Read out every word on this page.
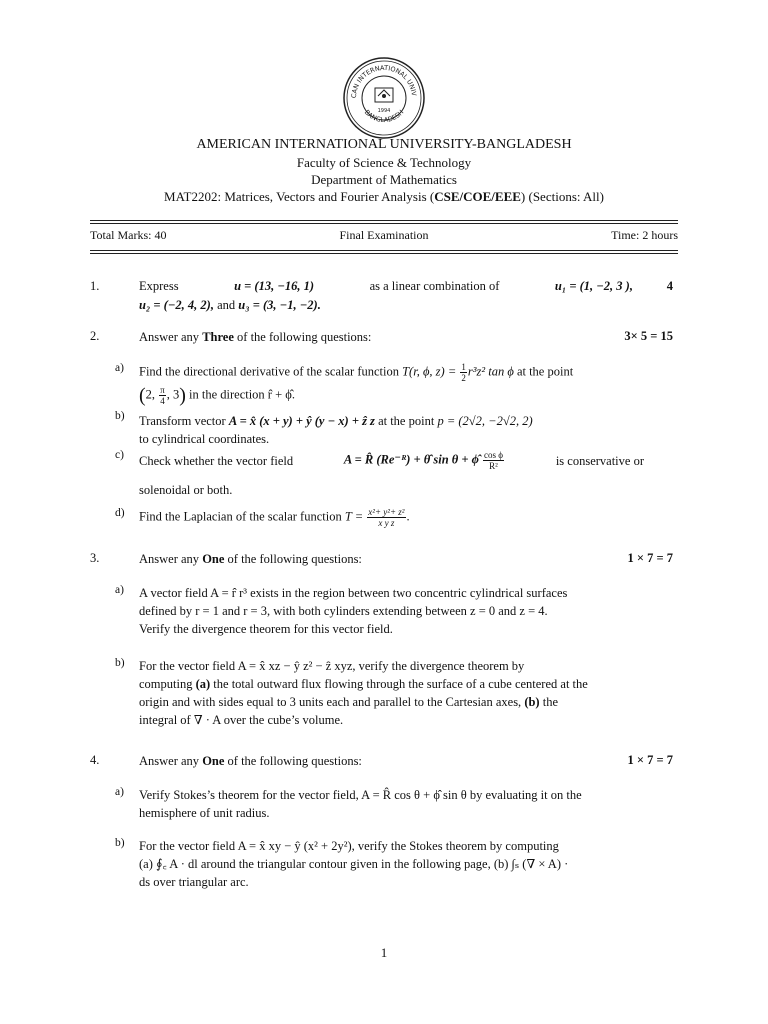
CAN INTERNATIONAL UNIV
BANGLADESH
1994
AMERICAN INTERNATIONAL UNIVERSITY-BANGLADESH
Faculty of Science & Technology
Department of Mathematics
MAT2202: Matrices, Vectors and Fourier Analysis (CSE/COE/EEE) (Sections: All)
Total Marks: 40	Final Examination	Time: 2 hours
1.	Express	u = (13, −16, 1)	as a linear combination of	u₁ = (1, −2, 3 ),
u₂ = (−2, 4, 2), and u₃ = (3, −1, −2).
4
2.	Answer any Three of the following questions:	3× 5 = 15
a) Find the directional derivative of the scalar function T(r, ϕ, $z) = \frac{1}{2} r^3z^2$ tan ϕ at the point
(2, $\frac{\pi}{4}$ , 3) in the direction r̂ + ϕ̂.
b) Transform vector A = x̂ (x + y) + ŷ (y − x) + ẑ z at the point p = (2√2, −2√2, 2)
to cylindrical coordinates.
c) Check whether the vector field	A = R̂ (Re⁻ᴿ) + θ̂ sin θ + ϕ̂ $\frac{\text{cos ϕ}}{\text{R²}}$	is conservative or
solenoidal or both.
d) Find the Laplacian of the scalar function $T = \frac{\text{x²+ y²+ z²}}{\text{x y z}}$ .
3.	Answer any One of the following questions:	1 × 7 = 7
a) A vector field A = r̂ r³ exists in the region between two concentric cylindrical surfaces
defined by r = 1 and r = 3, with both cylinders extending between z = 0 and z = 4.
Verify the divergence theorem for this vector field.
b) For the vector field A = x̂ xz − ŷ z² − ẑ xyz, verify the divergence theorem by
computing (a) the total outward flux flowing through the surface of a cube centered at the
origin and with sides equal to 3 units each and parallel to the Cartesian axes, (b) the
integral of ∇ · A over the cube’s volume.
4.	Answer any One of the following questions:	1 × 7 = 7
a) Verify Stokes’s theorem for the vector field, A = R̂ cos θ + ϕ̂ sin θ by evaluating it on the
hemisphere of unit radius.
b) For the vector field A = x̂ xy − ŷ (x² + 2y²), verify the Stokes theorem by computing
(a) ∮꜀ A · dl around the triangular contour given in the following page, (b) ∫ₛ (∇ × A) ·
ds over triangular arc.
1
